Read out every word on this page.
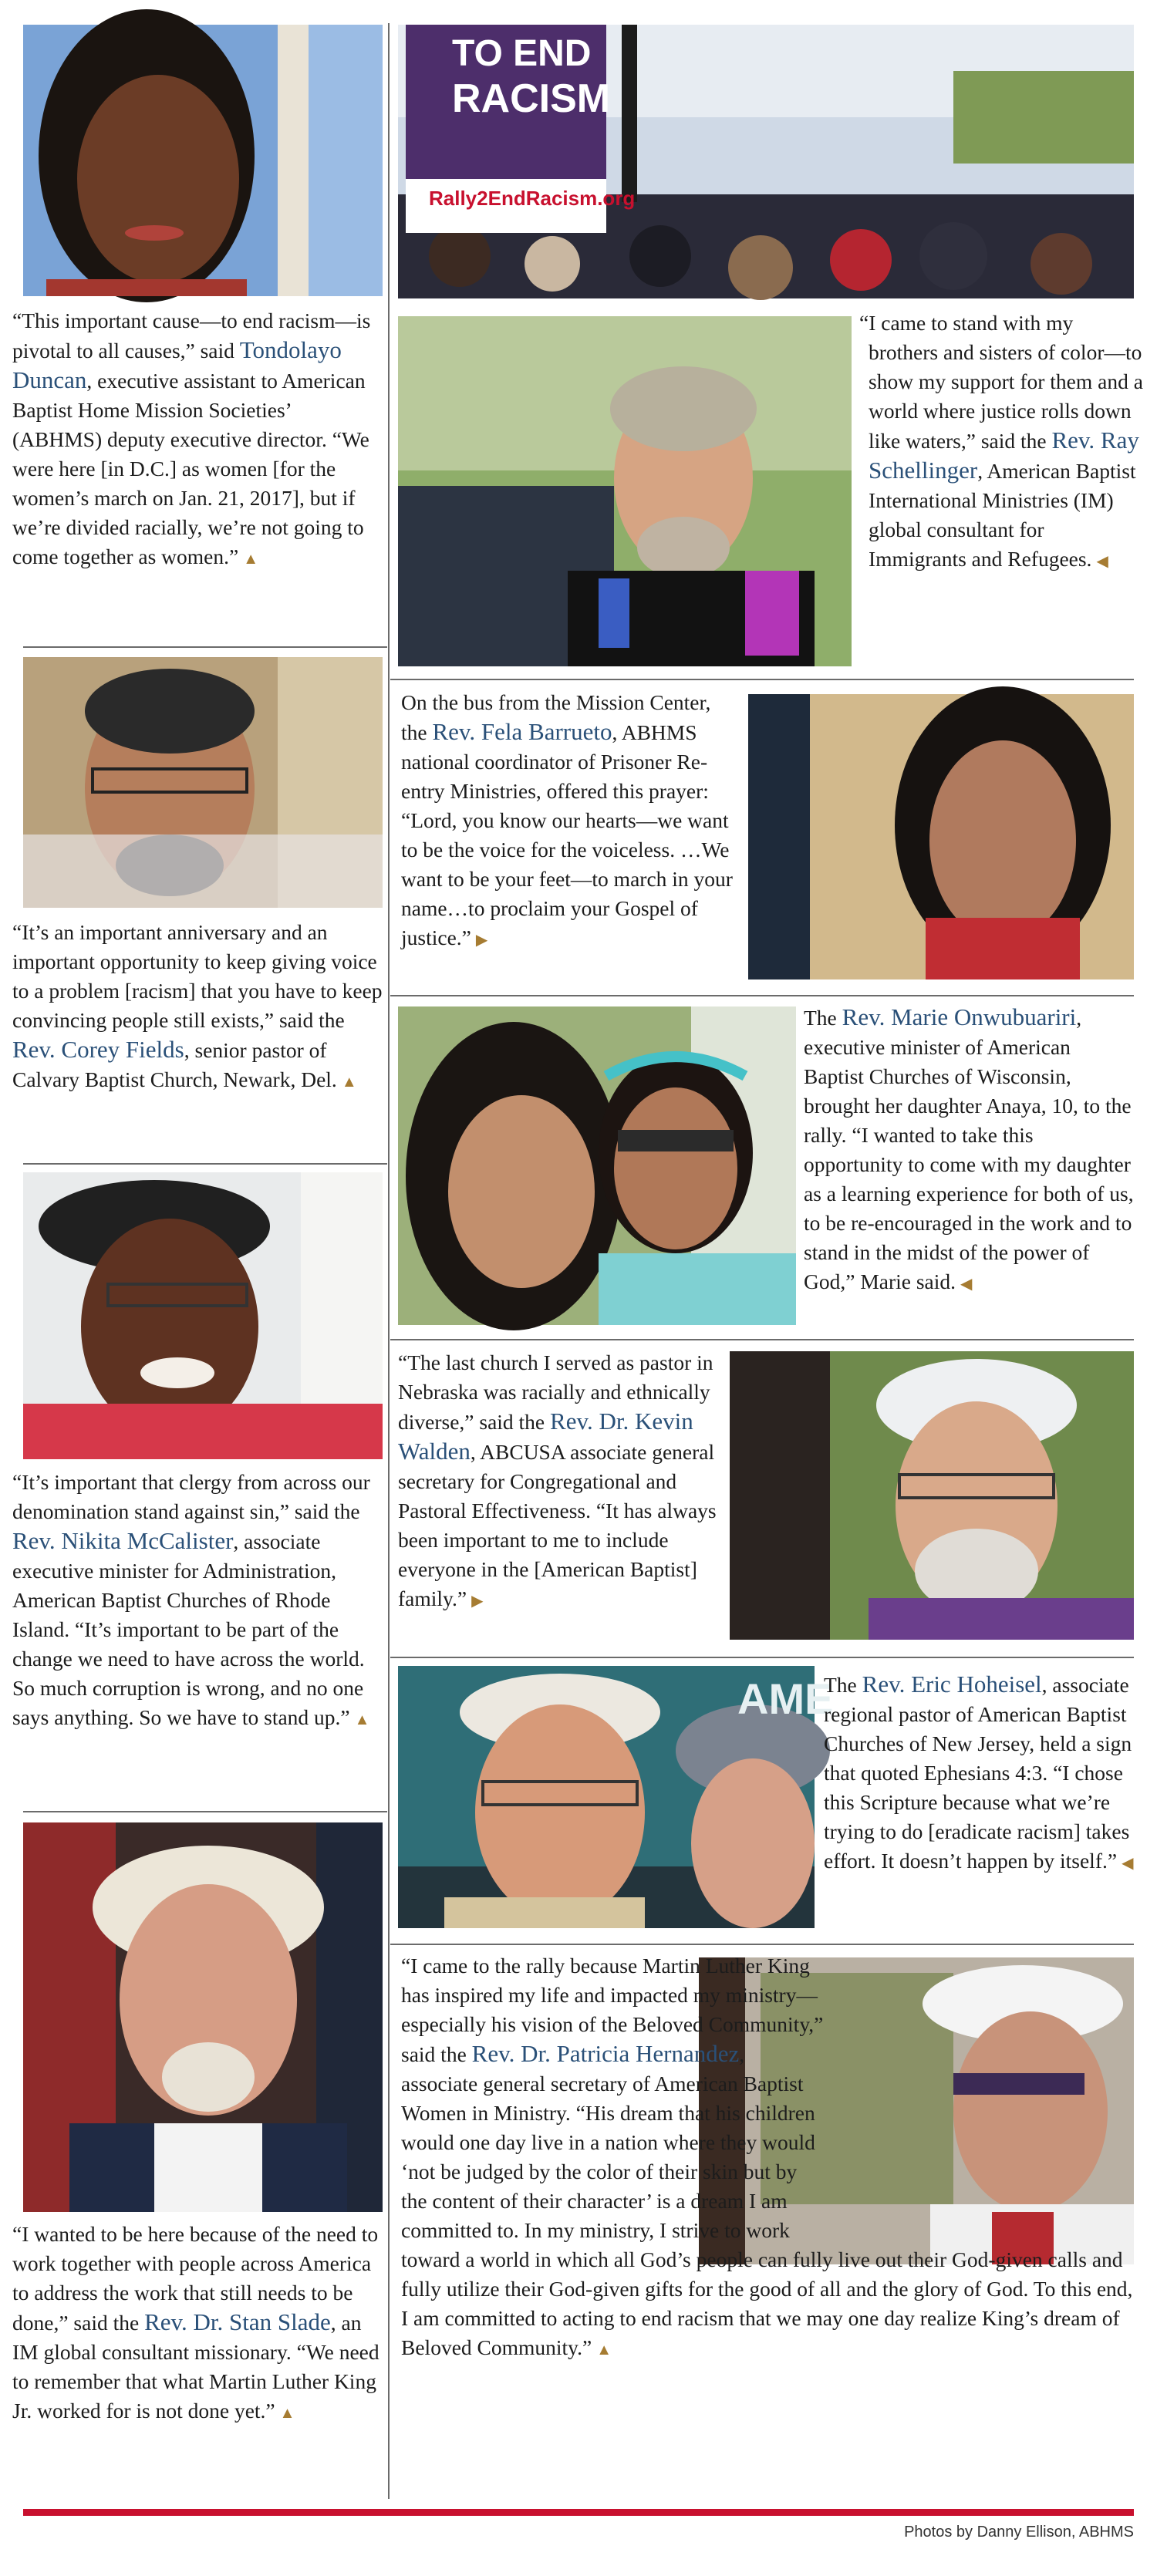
“This important cause—to end racism—is pivotal to all causes,” said Tondolayo Duncan, executive assistant to American Baptist Home Mission Societies’ (ABHMS) deputy executive director. “We were here [in D.C.] as women [for the women’s march on Jan. 21, 2017], but if we’re divided racially, we’re not going to come together as women.” ▲

TO END
RACISM
Rally2EndRacism.org

“I came to stand with my brothers and sisters of color—to show my support for them and a world where justice rolls down like waters,” said the Rev. Ray Schellinger, American Baptist International Ministries (IM) global consultant for Immigrants and Refugees. ◀

“It’s an important anniversary and an important opportunity to keep giving voice to a problem [racism] that you have to keep convincing people still exists,” said the Rev. Corey Fields, senior pastor of Calvary Baptist Church, Newark, Del. ▲

On the bus from the Mission Center, the Rev. Fela Barrueto, ABHMS national coordinator of Prisoner Re-entry Ministries, offered this prayer: “Lord, you know our hearts—we want to be the voice for the voiceless. …We want to be your feet—to march in your name…to proclaim your Gospel of justice.” ▶

The Rev. Marie Onwubuariri, executive minister of American Baptist Churches of Wisconsin, brought her daughter Anaya, 10, to the rally. “I wanted to take this opportunity to come with my daughter as a learning experience for both of us, to be re-encouraged in the work and to stand in the midst of the power of God,” Marie said. ◀

“It’s important that clergy from across our denomination stand against sin,” said the Rev. Nikita McCalister, associate executive minister for Administration, American Baptist Churches of Rhode Island. “It’s important to be part of the change we need to have across the world. So much corruption is wrong, and no one says anything. So we have to stand up.” ▲

“The last church I served as pastor in Nebraska was racially and ethnically diverse,” said the Rev. Dr. Kevin Walden, ABCUSA associate general secretary for Congregational and Pastoral Effectiveness. “It has always been important to me to include everyone in the [American Baptist] family.” ▶

AME

The Rev. Eric Hoheisel, associate regional pastor of American Baptist Churches of New Jersey, held a sign that quoted Ephesians 4:3. “I chose this Scripture because what we’re trying to do [eradicate racism] takes effort. It doesn’t happen by itself.” ◀

“I wanted to be here because of the need to work together with people across America to address the work that still needs to be done,” said the Rev. Dr. Stan Slade, an IM global consultant missionary. “We need to remember that what Martin Luther King Jr. worked for is not done yet.” ▲

“I came to the rally because Martin Luther King has inspired my life and impacted my ministry—especially his vision of the Beloved Community,” said the Rev. Dr. Patricia Hernandez, associate general secretary of American Baptist Women in Ministry. “His dream that his children would one day live in a nation where they would ‘not be judged by the color of their skin but by the content of their character’ is a dream I am committed to. In my ministry, I strive to work toward a world in which all God’s people can fully live out their God-given calls and fully utilize their God-given gifts for the good of all and the glory of God. To this end, I am committed to acting to end racism that we may one day realize King’s dream of Beloved Community.” ▲

Photos by Danny Ellison, ABHMS
